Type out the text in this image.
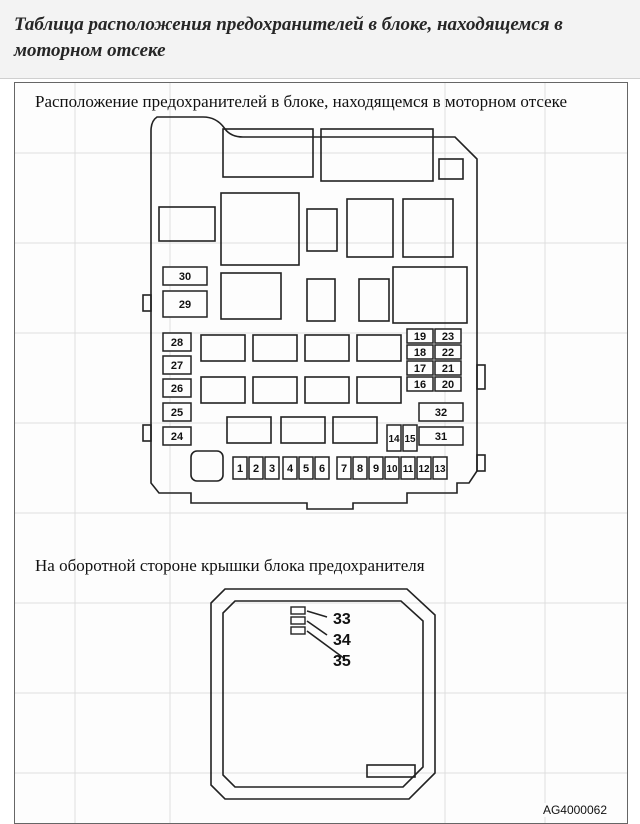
Таблица расположения предохранителей в блоке, находящемся в моторном отсеке
Расположение предохранителей в блоке, находящемся в моторном отсеке
30
29
28
27
26
25
24
19 23
18 22
17 21
16 20
32
31
14 15
1 2 3 4 5 6 7 8 9 10 11 12 13
33
34
35
На оборотной стороне крышки блока предохранителя
AG4000062
